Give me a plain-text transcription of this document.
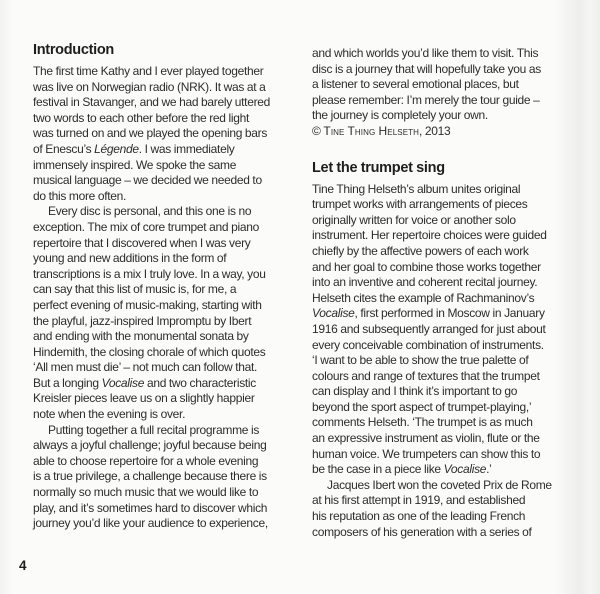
Introduction

The first time Kathy and I ever played together
was live on Norwegian radio (NRK). It was at a
festival in Stavanger, and we had barely uttered
two words to each other before the red light
was turned on and we played the opening bars
of Enescu’s Légende. I was immediately
immensely inspired. We spoke the same
musical language – we decided we needed to
do this more often.

Every disc is personal, and this one is no
exception. The mix of core trumpet and piano
repertoire that I discovered when I was very
young and new additions in the form of
transcriptions is a mix I truly love. In a way, you
can say that this list of music is, for me, a
perfect evening of music-making, starting with
the playful, jazz-inspired Impromptu by Ibert
and ending with the monumental sonata by
Hindemith, the closing chorale of which quotes
‘All men must die’ – not much can follow that.
But a longing Vocalise and two characteristic
Kreisler pieces leave us on a slightly happier
note when the evening is over.

Putting together a full recital programme is
always a joyful challenge; joyful because being
able to choose repertoire for a whole evening
is a true privilege, a challenge because there is
normally so much music that we would like to
play, and it’s sometimes hard to discover which
journey you’d like your audience to experience,

and which worlds you’d like them to visit. This
disc is a journey that will hopefully take you as
a listener to several emotional places, but
please remember: I’m merely the tour guide –
the journey is completely your own.

© Tine Thing Helseth, 2013

Let the trumpet sing

Tine Thing Helseth’s album unites original
trumpet works with arrangements of pieces
originally written for voice or another solo
instrument. Her repertoire choices were guided
chiefly by the affective powers of each work
and her goal to combine those works together
into an inventive and coherent recital journey.
Helseth cites the example of Rachmaninov’s
Vocalise, first performed in Moscow in January
1916 and subsequently arranged for just about
every conceivable combination of instruments.
‘I want to be able to show the true palette of
colours and range of textures that the trumpet
can display and I think it’s important to go
beyond the sport aspect of trumpet-playing,’
comments Helseth. ‘The trumpet is as much
an expressive instrument as violin, flute or the
human voice. We trumpeters can show this to
be the case in a piece like Vocalise.’

Jacques Ibert won the coveted Prix de Rome
at his first attempt in 1919, and established
his reputation as one of the leading French
composers of his generation with a series of

4
